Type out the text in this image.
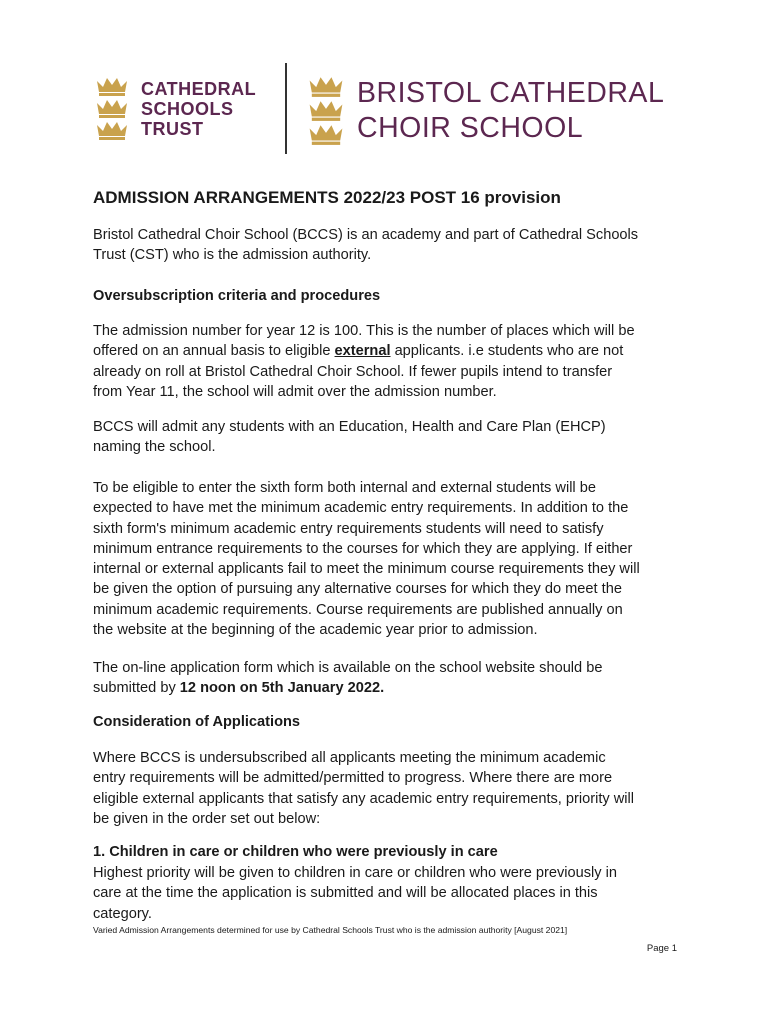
CATHEDRAL
SCHOOLS
TRUST
BRISTOL CATHEDRAL
CHOIR SCHOOL
ADMISSION ARRANGEMENTS 2022/23 POST 16 provision
Bristol Cathedral Choir School (BCCS) is an academy and part of Cathedral Schools
Trust (CST) who is the admission authority.
Oversubscription criteria and procedures
The admission number for year 12 is 100. This is the number of places which will be
offered on an annual basis to eligible external applicants. i.e students who are not
already on roll at Bristol Cathedral Choir School. If fewer pupils intend to transfer
from Year 11, the school will admit over the admission number.
BCCS will admit any students with an Education, Health and Care Plan (EHCP)
naming the school.
To be eligible to enter the sixth form both internal and external students will be
expected to have met the minimum academic entry requirements. In addition to the
sixth form's minimum academic entry requirements students will need to satisfy
minimum entrance requirements to the courses for which they are applying. If either
internal or external applicants fail to meet the minimum course requirements they will
be given the option of pursuing any alternative courses for which they do meet the
minimum academic requirements. Course requirements are published annually on
the website at the beginning of the academic year prior to admission.
The on-line application form which is available on the school website should be
submitted by 12 noon on 5th January 2022.
Consideration of Applications
Where BCCS is undersubscribed all applicants meeting the minimum academic
entry requirements will be admitted/permitted to progress. Where there are more
eligible external applicants that satisfy any academic entry requirements, priority will
be given in the order set out below:
1. Children in care or children who were previously in care
Highest priority will be given to children in care or children who were previously in
care at the time the application is submitted and will be allocated places in this
category.
Varied Admission Arrangements determined for use by Cathedral Schools Trust who is the admission authority [August 2021]
Page 1
